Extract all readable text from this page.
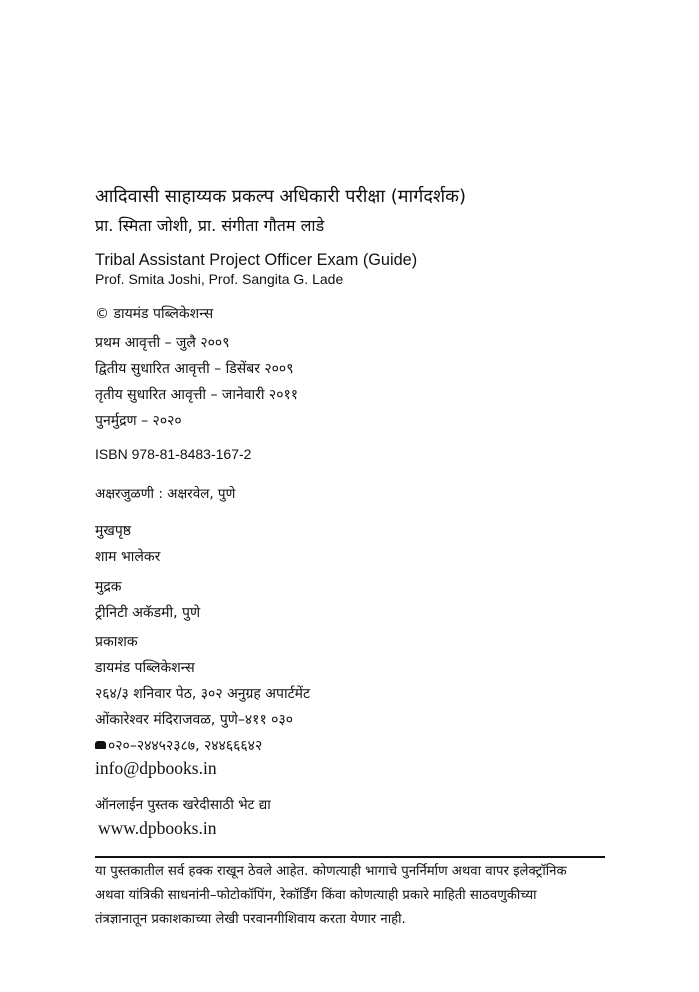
आदिवासी साहाय्यक प्रकल्प अधिकारी परीक्षा (मार्गदर्शक)
प्रा. स्मिता जोशी, प्रा. संगीता गौतम लाडे
Tribal Assistant Project Officer Exam (Guide)
Prof. Smita Joshi, Prof. Sangita G. Lade
© डायमंड पब्लिकेशन्स
प्रथम आवृत्ती – जुलै २००९
द्वितीय सुधारित आवृत्ती – डिसेंबर २००९
तृतीय सुधारित आवृत्ती – जानेवारी २०११
पुनर्मुद्रण – २०२०
ISBN 978-81-8483-167-2
अक्षरजुळणी : अक्षरवेल, पुणे
मुखपृष्ठ
शाम भालेकर
मुद्रक
ट्रीनिटी अकॅडमी, पुणे
प्रकाशक
डायमंड पब्लिकेशन्स
२६४/३ शनिवार पेठ, ३०२ अनुग्रह अपार्टमेंट
ओंकारेश्वर मंदिराजवळ, पुणे–४११ ०३०
०२०–२४४५२३८७, २४४६६६४२
info@dpbooks.in
ऑनलाईन पुस्तक खरेदीसाठी भेट द्या
www.dpbooks.in
या पुस्तकातील सर्व हक्क राखून ठेवले आहेत. कोणत्याही भागाचे पुनर्निर्माण अथवा वापर इलेक्ट्रॉनिक
अथवा यांत्रिकी साधनांनी–फोटोकॉपिंग, रेकॉर्डिंग किंवा कोणत्याही प्रकारे माहिती साठवणुकीच्या
तंत्रज्ञानातून प्रकाशकाच्या लेखी परवानगीशिवाय करता येणार नाही.
